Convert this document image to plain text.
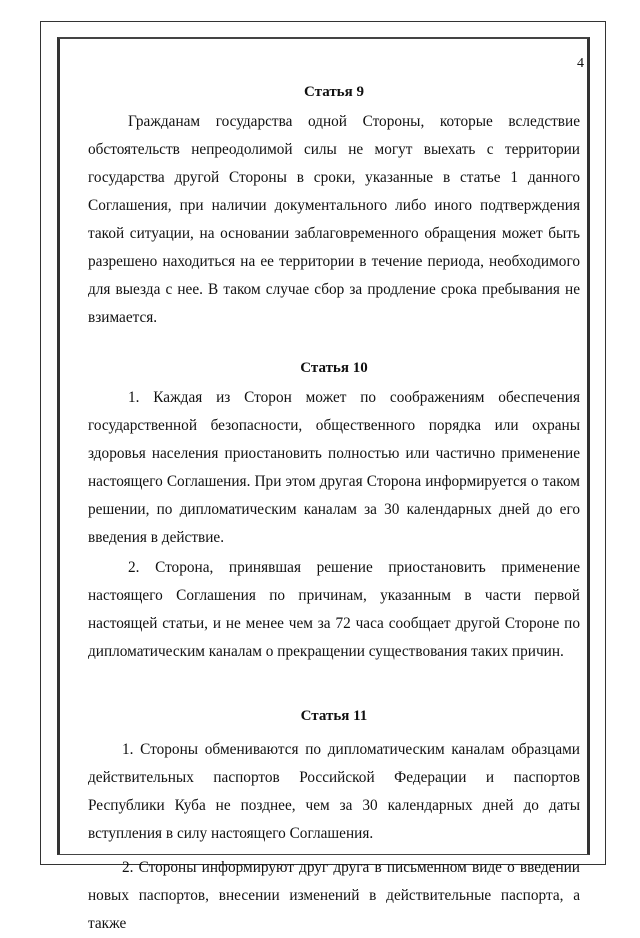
4

Статья 9

Гражданам государства одной Стороны, которые вследствие обстоятельств непреодолимой силы не могут выехать с территории государства другой Стороны в сроки, указанные в статье 1 данного Соглашения, при наличии документального либо иного подтверждения такой ситуации, на основании заблаговременного обращения может быть разрешено находиться на ее территории в течение периода, необходимого для выезда с нее. В таком случае сбор за продление срока пребывания не взимается.

Статья 10

1. Каждая из Сторон может по соображениям обеспечения государственной безопасности, общественного порядка или охраны здоровья населения приостановить полностью или частично применение настоящего Соглашения. При этом другая Сторона информируется о таком решении, по дипломатическим каналам за 30 календарных дней до его введения в действие.

2. Сторона, принявшая решение приостановить применение настоящего Соглашения по причинам, указанным в части первой настоящей статьи, и не менее чем за 72 часа сообщает другой Стороне по дипломатическим каналам о прекращении существования таких причин.

Статья 11

1. Стороны обмениваются по дипломатическим каналам образцами действительных паспортов Российской Федерации и паспортов Республики Куба не позднее, чем за 30 календарных дней до даты вступления в силу настоящего Соглашения.

2. Стороны информируют друг друга в письменном виде о введении новых паспортов, внесении изменений в действительные паспорта, а также
